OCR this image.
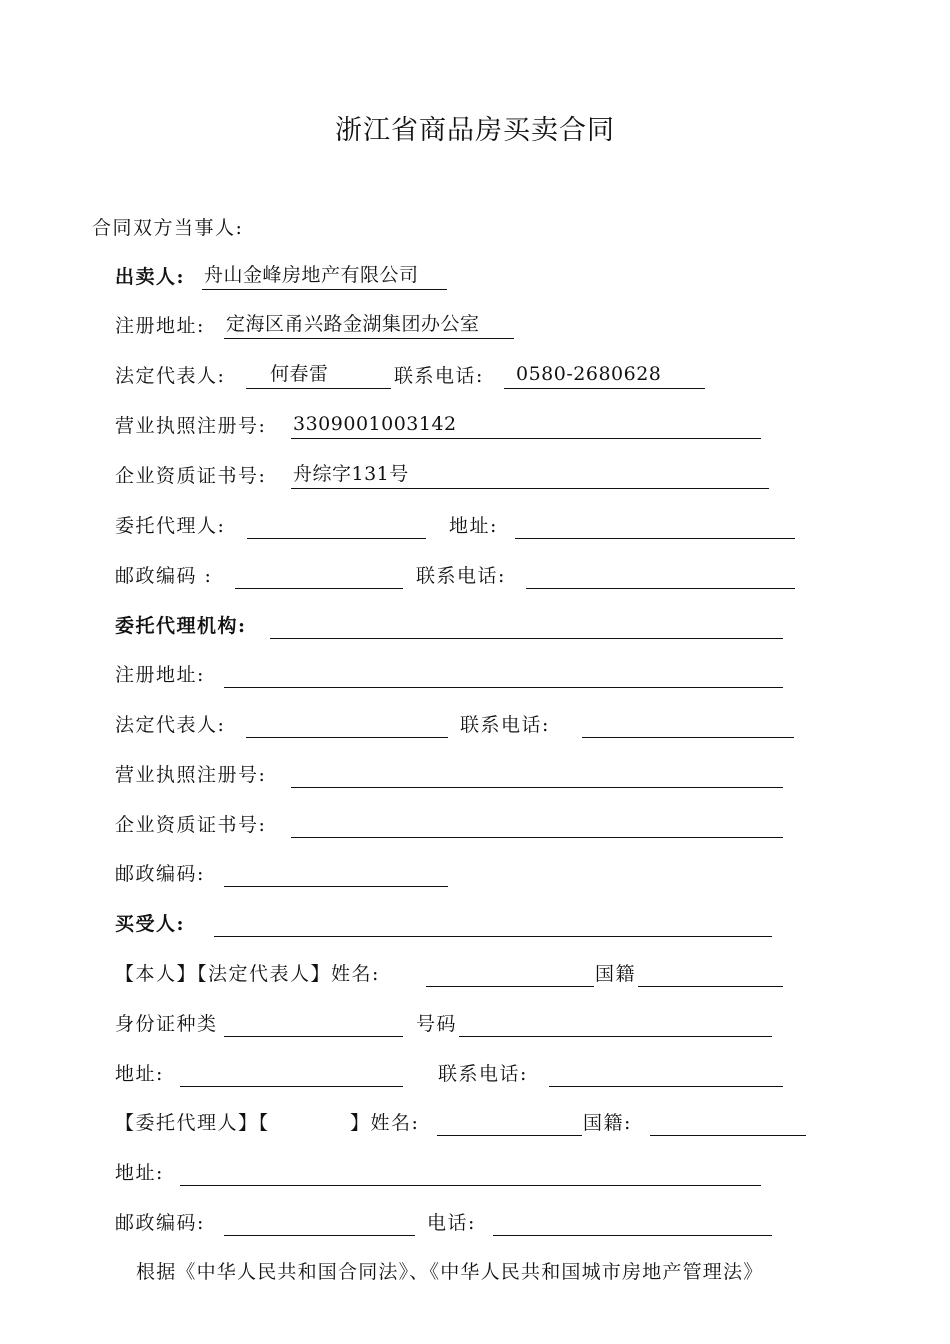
浙江省商品房买卖合同
合同双方当事人:
出卖人: 舟山金峰房地产有限公司
注册地址: 定海区甬兴路金湖集团办公室
法定代表人:	何春雷	联系电话:	0580-2680628
营业执照注册号: 3309001003142
企业资质证书号: 舟综字131号
委托代理人:	地址:
邮政编码 :	联系电话:
委托代理机构:
注册地址:
法定代表人:	联系电话:
营业执照注册号:
企业资质证书号:
邮政编码:
买受人:
【本人】【法定代表人】姓名:	国籍
身份证种类	号码
地址:	联系电话:
【委托代理人】【	】姓名:	国籍:
地址:
邮政编码:	电话:
根据《中华人民共和国合同法》、《中华人民共和国城市房地产管理法》
